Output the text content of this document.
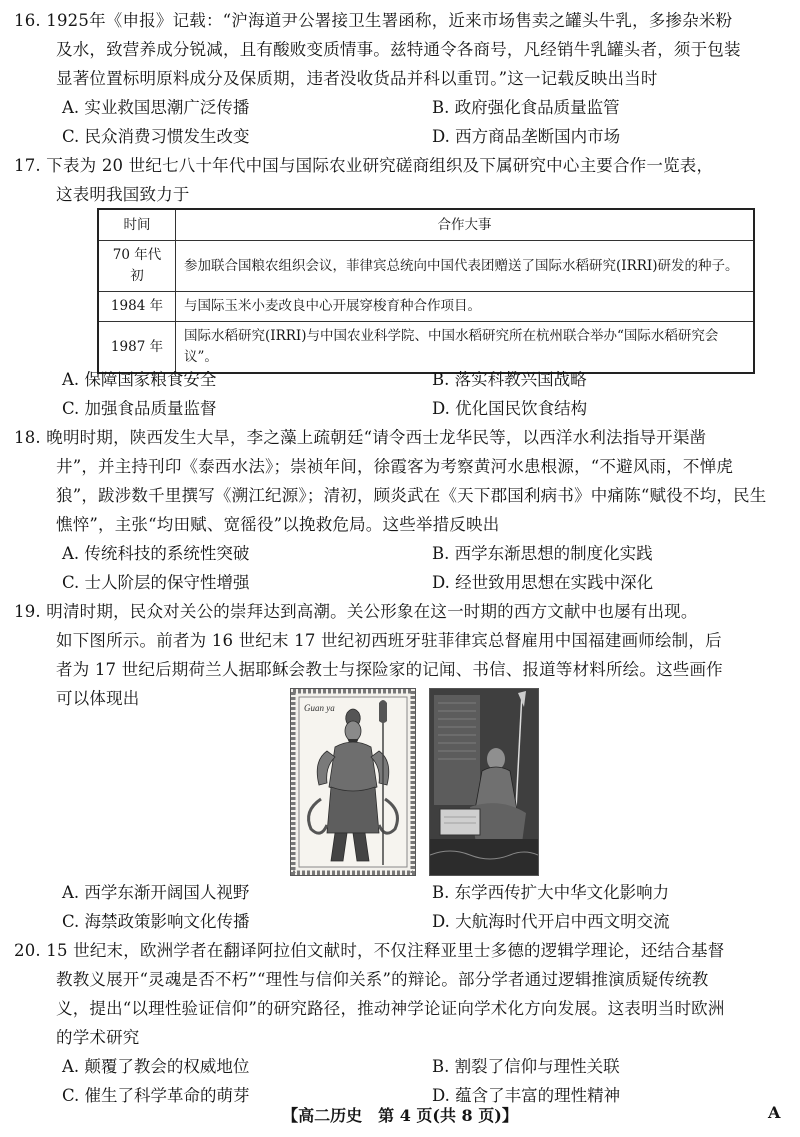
16. 1925年《申报》记载：“沪海道尹公署接卫生署函称，近来市场售卖之罐头牛乳，多掺杂米粉
及水，致营养成分锐减，且有酸败变质情事。兹特通令各商号，凡经销牛乳罐头者，须于包装
显著位置标明原料成分及保质期，违者没收货品并科以重罚。”这一记载反映出当时
A. 实业救国思潮广泛传播	B. 政府强化食品质量监管
C. 民众消费习惯发生改变	D. 西方商品垄断国内市场
17. 下表为 20 世纪七八十年代中国与国际农业研究磋商组织及下属研究中心主要合作一览表，
这表明我国致力于
时间	合作大事
70 年代初	参加联合国粮农组织会议，菲律宾总统向中国代表团赠送了国际水稻研究(IRRI)研发的种子。
1984 年	与国际玉米小麦改良中心开展穿梭育种合作项目。
1987 年	国际水稻研究(IRRI)与中国农业科学院、中国水稻研究所在杭州联合举办“国际水稻研究会议”。
A. 保障国家粮食安全	B. 落实科教兴国战略
C. 加强食品质量监督	D. 优化国民饮食结构
18. 晚明时期，陕西发生大旱，李之藻上疏朝廷“请令西士龙华民等，以西洋水利法指导开渠凿
井”，并主持刊印《泰西水法》；崇祯年间，徐霞客为考察黄河水患根源，“不避风雨，不惮虎
狼”，跋涉数千里撰写《溯江纪源》；清初，顾炎武在《天下郡国利病书》中痛陈“赋役不均，民生
憔悴”，主张“均田赋、宽徭役”以挽救危局。这些举措反映出
A. 传统科技的系统性突破	B. 西学东渐思想的制度化实践
C. 士人阶层的保守性增强	D. 经世致用思想在实践中深化
19. 明清时期，民众对关公的崇拜达到高潮。关公形象在这一时期的西方文献中也屡有出现。
如下图所示。前者为 16 世纪末 17 世纪初西班牙驻菲律宾总督雇用中国福建画师绘制，后
者为 17 世纪后期荷兰人据耶稣会教士与探险家的记闻、书信、报道等材料所绘。这些画作
可以体现出	Guan ya
A. 西学东渐开阔国人视野	B. 东学西传扩大中华文化影响力
C. 海禁政策影响文化传播	D. 大航海时代开启中西文明交流
20. 15 世纪末，欧洲学者在翻译阿拉伯文献时，不仅注释亚里士多德的逻辑学理论，还结合基督
教教义展开“灵魂是否不朽”“理性与信仰关系”的辩论。部分学者通过逻辑推演质疑传统教
义，提出“以理性验证信仰”的研究路径，推动神学论证向学术化方向发展。这表明当时欧洲
的学术研究
A. 颠覆了教会的权威地位	B. 割裂了信仰与理性关联
C. 催生了科学革命的萌芽	D. 蕴含了丰富的理性精神
【高二历史　第 4 页(共 8 页)】	A
